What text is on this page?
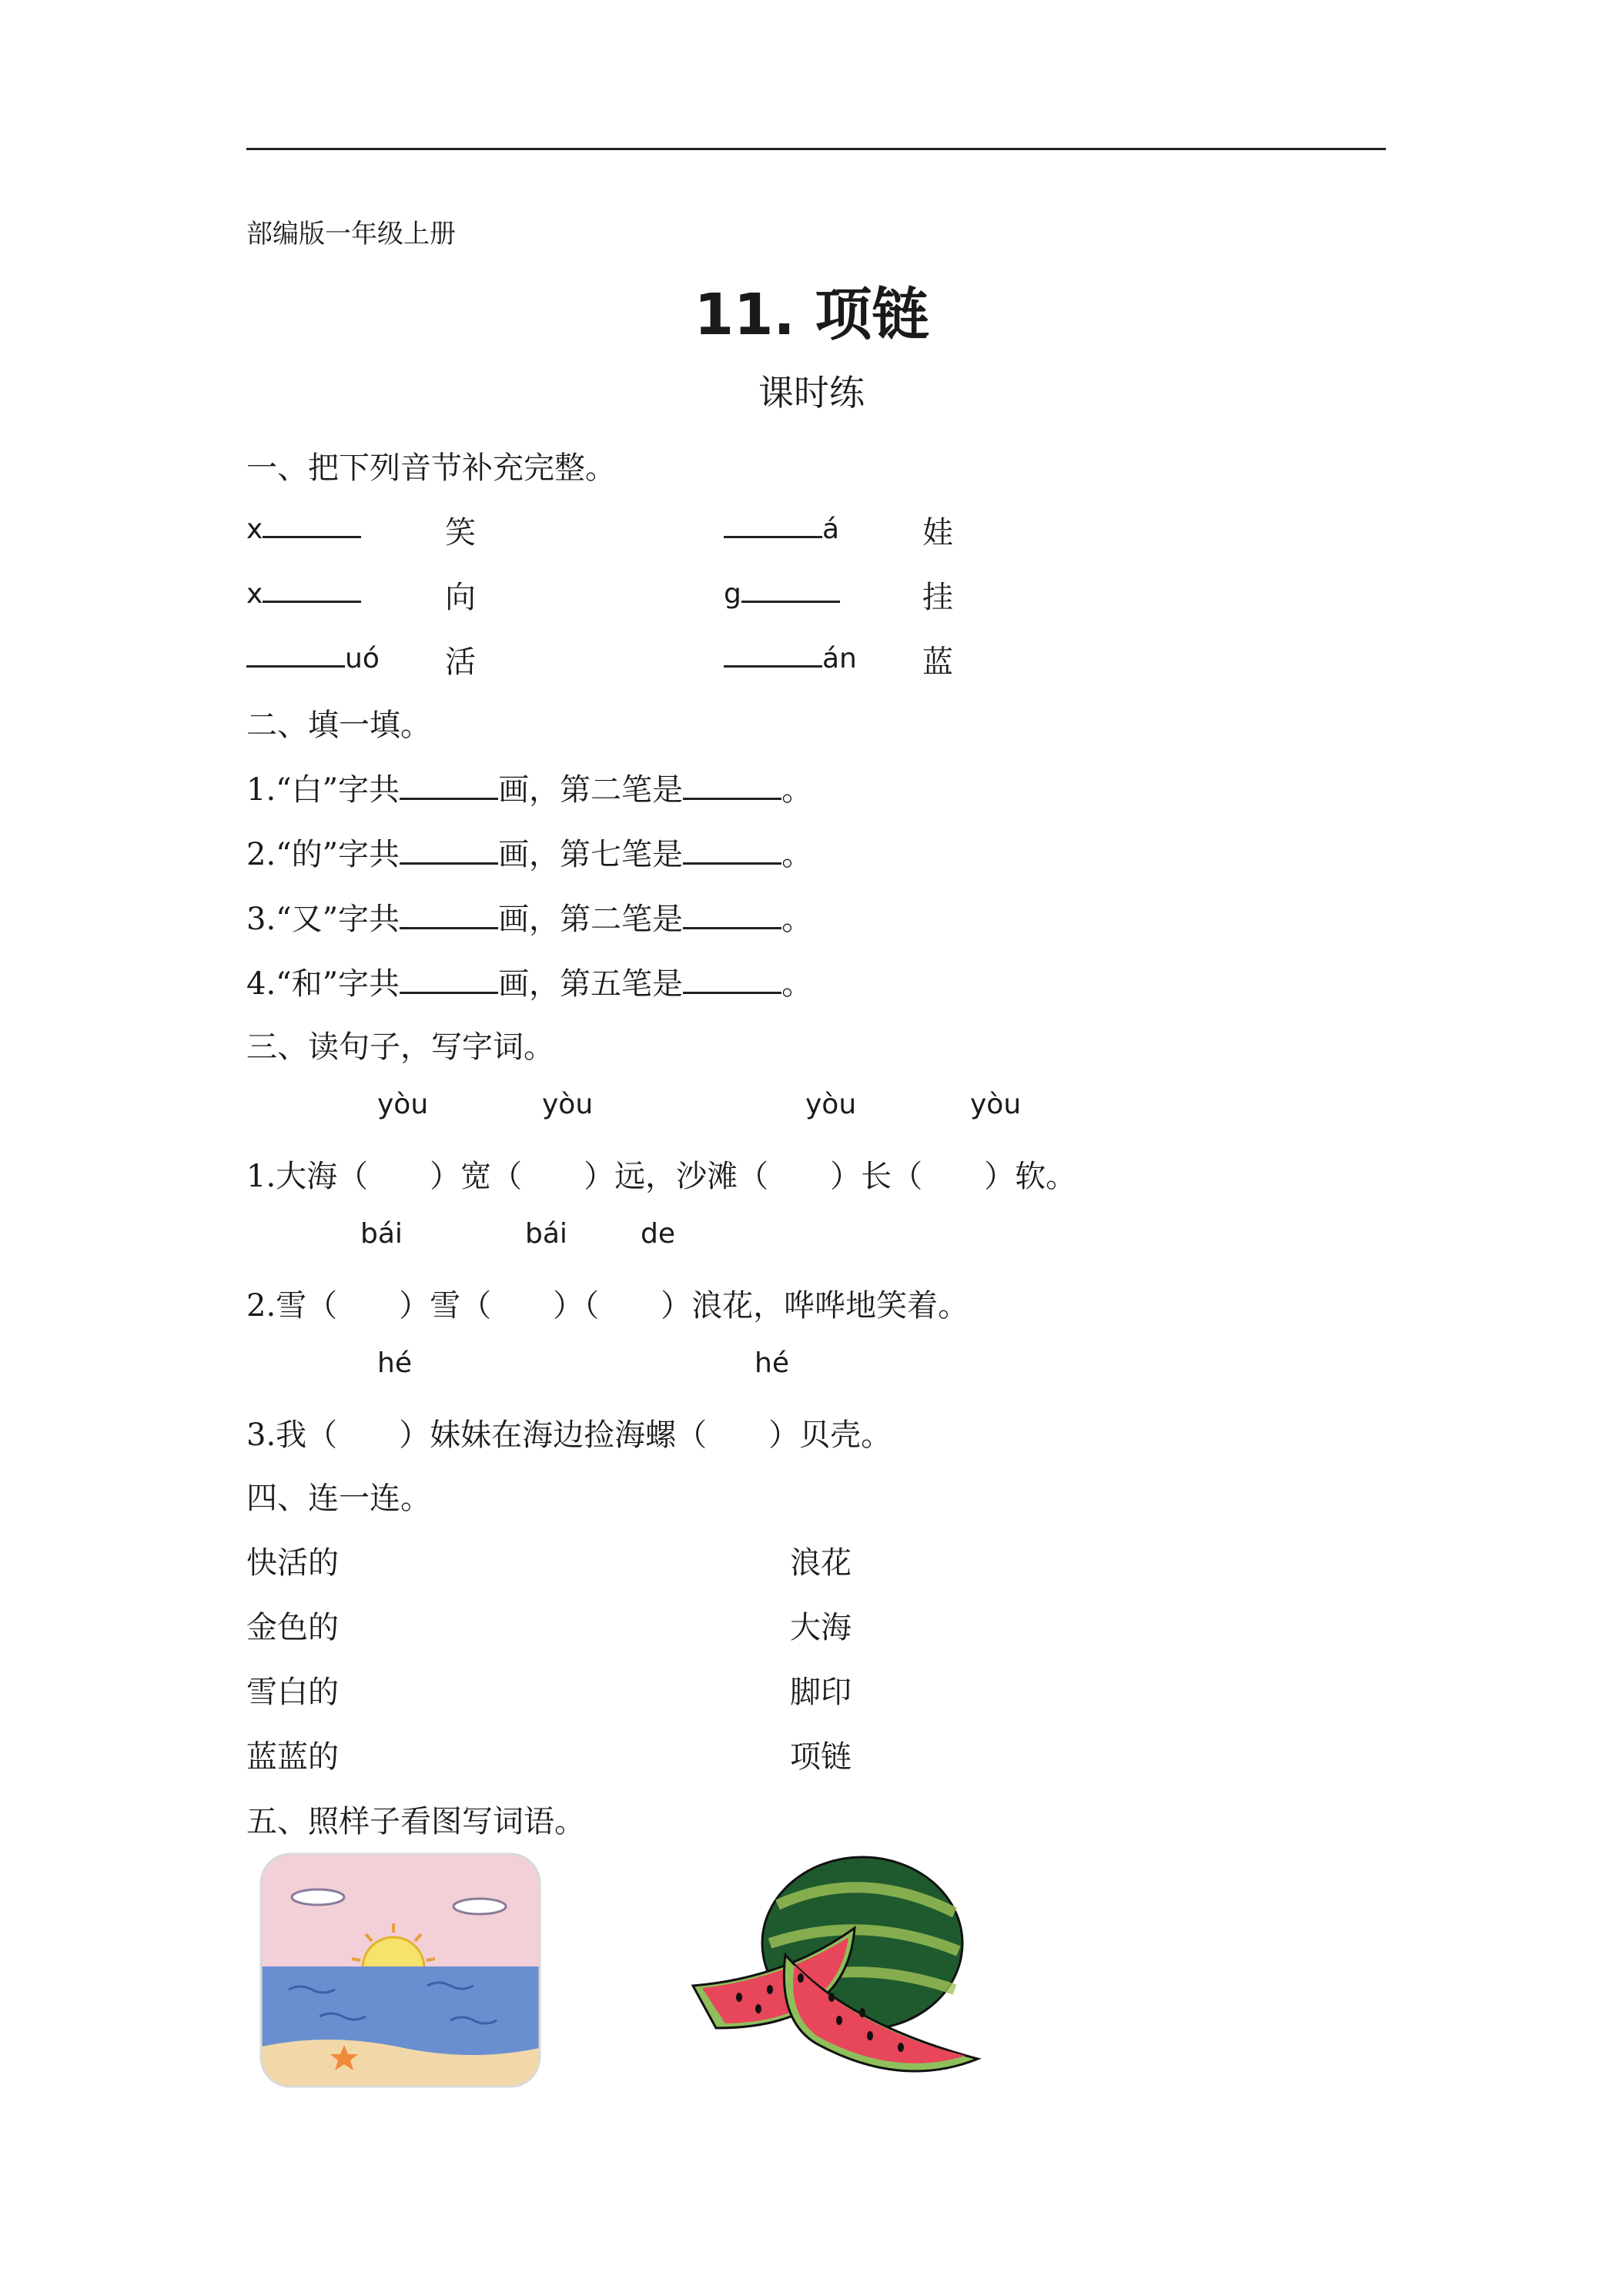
部编版一年级上册
11. 项链
课时练
一、把下列音节补充完整。
x	笑	á	娃
x	向	g	挂
uó 活	án 蓝
二、填一填。
1.“白”字共	画，第二笔是	。
2.“的”字共	画，第七笔是	。
3.“又”字共	画，第二笔是	。
4.“和”字共	画，第五笔是	。
三、读句子，写字词。
yòu	yòu	yòu	yòu
1.大海（　　）宽（　　）远，沙滩（　　）长（　　）软。
bái	bái	de
2.雪（　　）雪（　　）（　　）浪花，哗哗地笑着。
hé	hé
3.我（　　）妹妹在海边捡海螺（　　）贝壳。
四、连一连。
快活的	浪花
金色的	大海
雪白的	脚印
蓝蓝的	项链
五、照样子看图写词语。
